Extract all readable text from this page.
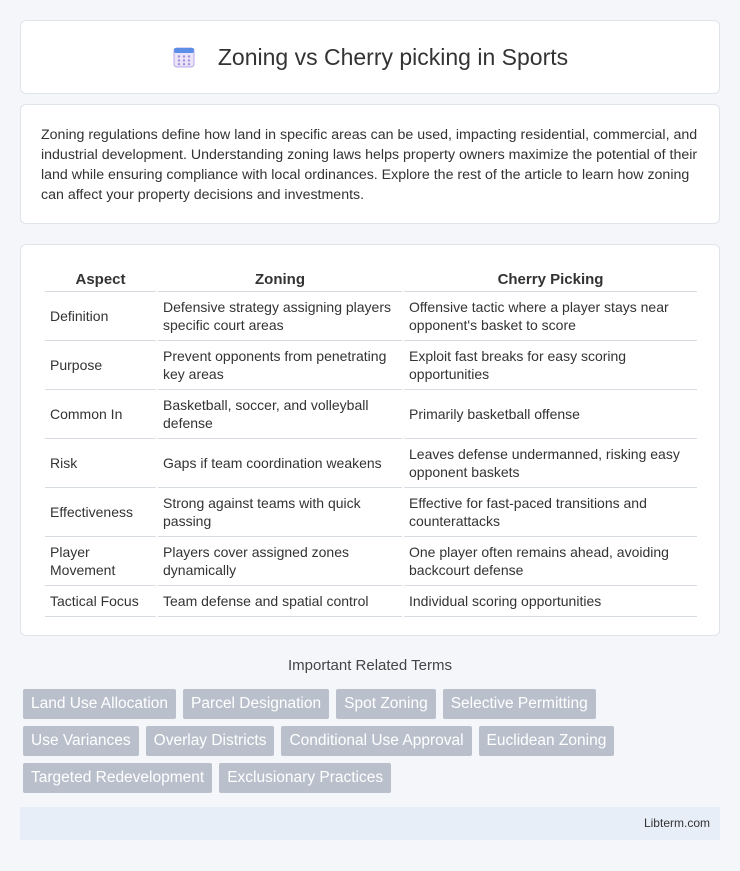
Zoning vs Cherry picking in Sports

Zoning regulations define how land in specific areas can be used, impacting residential, commercial, and industrial development. Understanding zoning laws helps property owners maximize the potential of their land while ensuring compliance with local ordinances. Explore the rest of the article to learn how zoning can affect your property decisions and investments.

Aspect	Zoning	Cherry Picking
Definition	Defensive strategy assigning players specific court areas	Offensive tactic where a player stays near opponent's basket to score
Purpose	Prevent opponents from penetrating key areas	Exploit fast breaks for easy scoring opportunities
Common In	Basketball, soccer, and volleyball defense	Primarily basketball offense
Risk	Gaps if team coordination weakens	Leaves defense undermanned, risking easy opponent baskets
Effectiveness	Strong against teams with quick passing	Effective for fast-paced transitions and counterattacks
Player Movement	Players cover assigned zones dynamically	One player often remains ahead, avoiding backcourt defense
Tactical Focus	Team defense and spatial control	Individual scoring opportunities
Important Related Terms
Land Use Allocation	Parcel Designation	Spot Zoning	Selective Permitting
Use Variances	Overlay Districts	Conditional Use Approval	Euclidean Zoning
Targeted Redevelopment	Exclusionary Practices
Libterm.com
